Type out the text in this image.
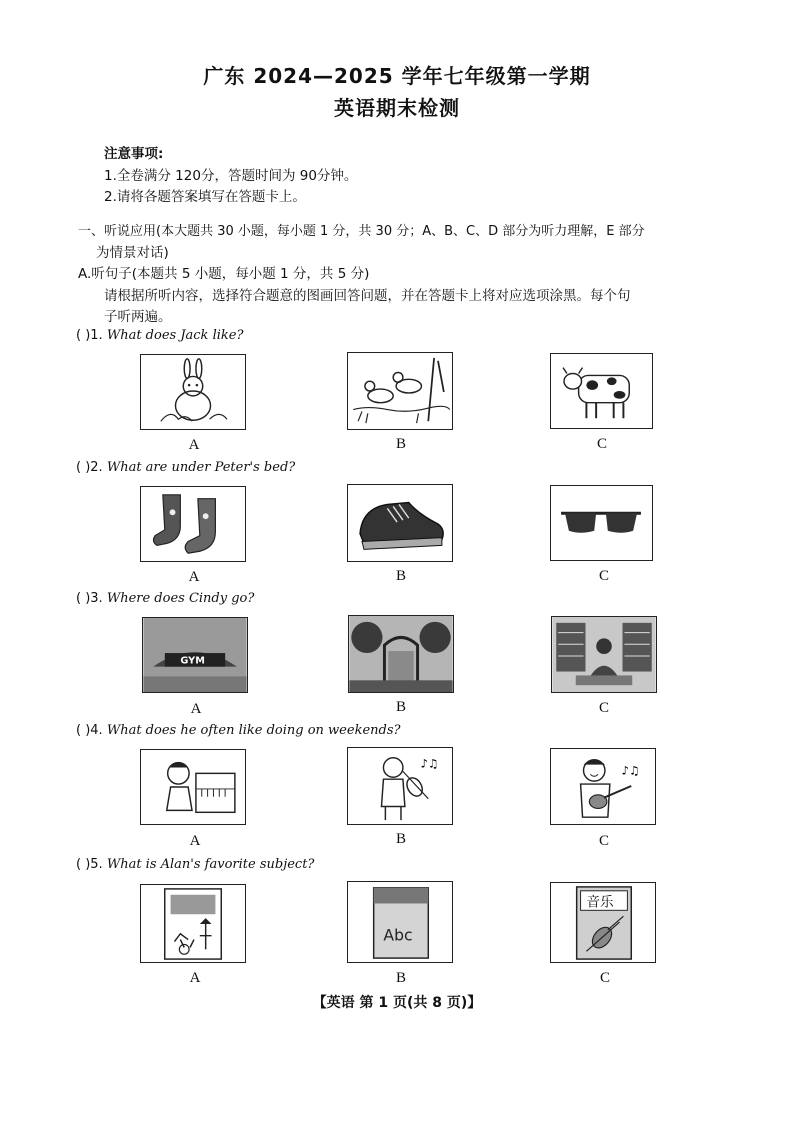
广东 2024—2025 学年七年级第一学期
英语期末检测
注意事项:
1.全卷满分 120分，答题时间为 90分钟。
2.请将各题答案填写在答题卡上。
一、听说应用(本大题共 30 小题，每小题 1 分，共 30 分；A、B、C、D 部分为听力理解，E 部分
为情景对话)
A.听句子(本题共 5 小题，每小题 1 分，共 5 分)
请根据所听内容，选择符合题意的图画回答问题，并在答题卡上将对应选项涂黑。每个句
子听两遍。
( )1. What does Jack like?
A	B	C
( )2. What are under Peter's bed?
A	B	C
( )3. Where does Cindy go?
GYM
A	B	C
( )4. What does he often like doing on weekends?
♪♫	♪♫
A	B	C
( )5. What is Alan's favorite subject?
Abc
音乐
A	B	C
【英语 第 1 页(共 8 页)】
